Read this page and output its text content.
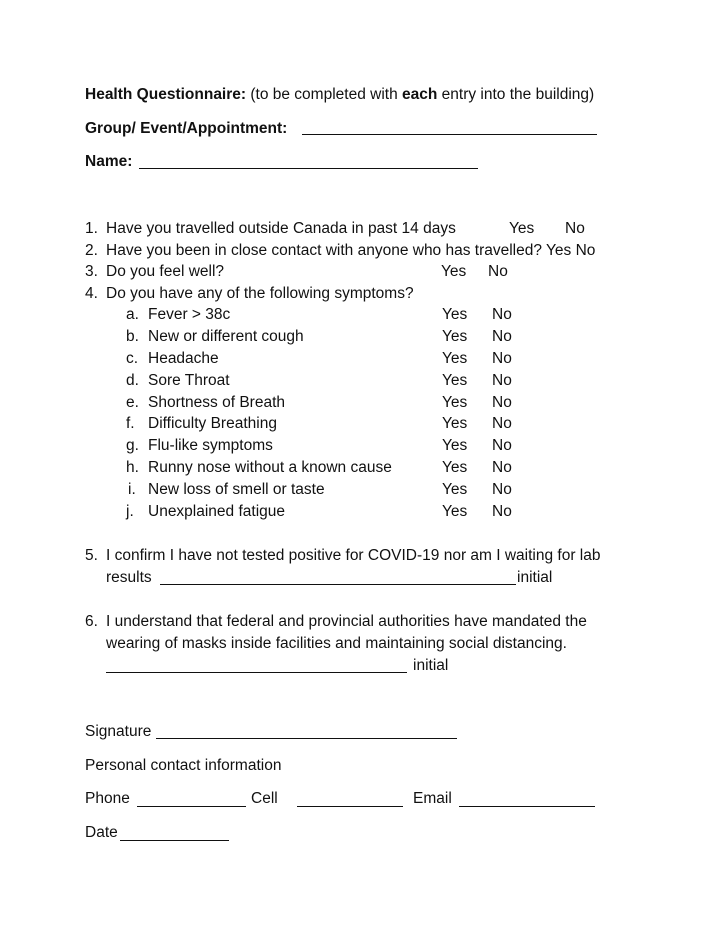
Health Questionnaire: (to be completed with each entry into the building)
Group/ Event/Appointment:
Name:
1. Have you travelled outside Canada in past 14 days	Yes No
2. Have you been in close contact with anyone who has travelled? Yes No
3. Do you feel well?	Yes No
4. Do you have any of the following symptoms?
a. Fever > 38c	Yes No
b. New or different cough	Yes No
c. Headache	Yes No
d. Sore Throat	Yes No
e. Shortness of Breath	Yes No
f. Difficulty Breathing	Yes No
g. Flu-like symptoms	Yes No
h. Runny nose without a known cause	Yes No
i. New loss of smell or taste	Yes No
j. Unexplained fatigue	Yes No
5. I confirm I have not tested positive for COVID-19 nor am I waiting for lab
results	initial
6. I understand that federal and provincial authorities have mandated the
wearing of masks inside facilities and maintaining social distancing.
initial
Signature
Personal contact information
Phone	Cell	Email
Date
